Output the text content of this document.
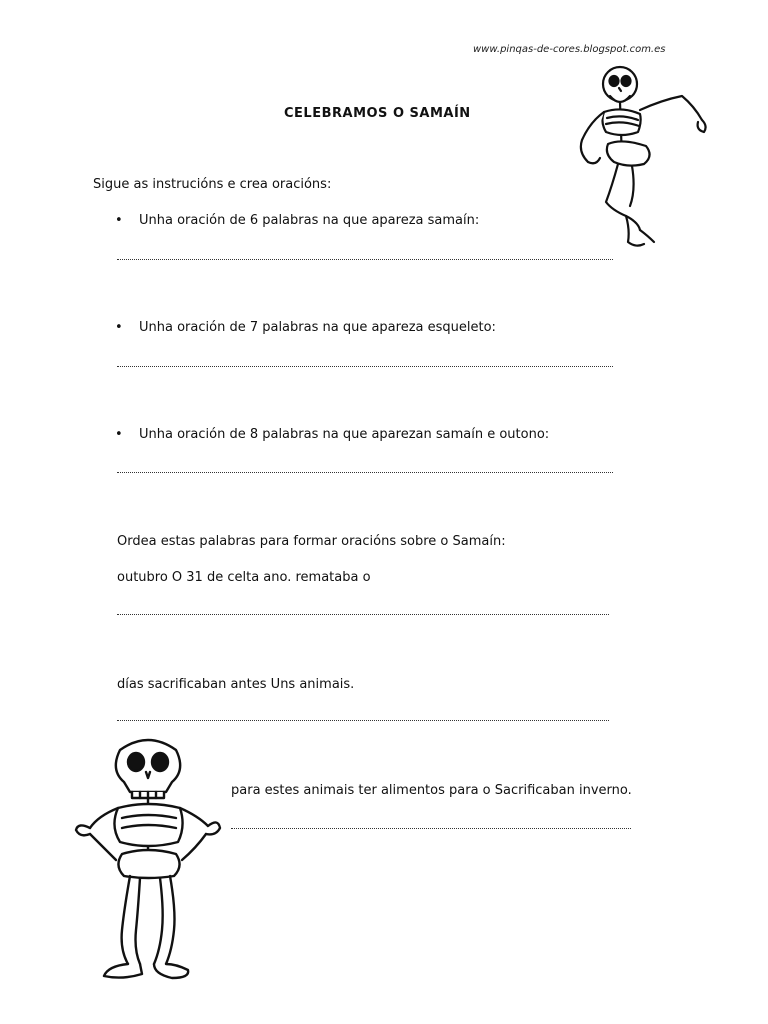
www.pinqas-de-cores.blogspot.com.es
CELEBRAMOS O SAMAÍN
Sigue as instrucións e crea oracións:
• Unha oración de 6 palabras na que apareza samaín:
• Unha oración de 7 palabras na que apareza esqueleto:
• Unha oración de 8 palabras na que aparezan samaín e outono:
Ordea estas palabras para formar oracións sobre o Samaín:
outubro O 31 de celta ano. remataba o
días sacrificaban antes Uns animais.
para estes animais ter alimentos para o Sacrificaban inverno.
